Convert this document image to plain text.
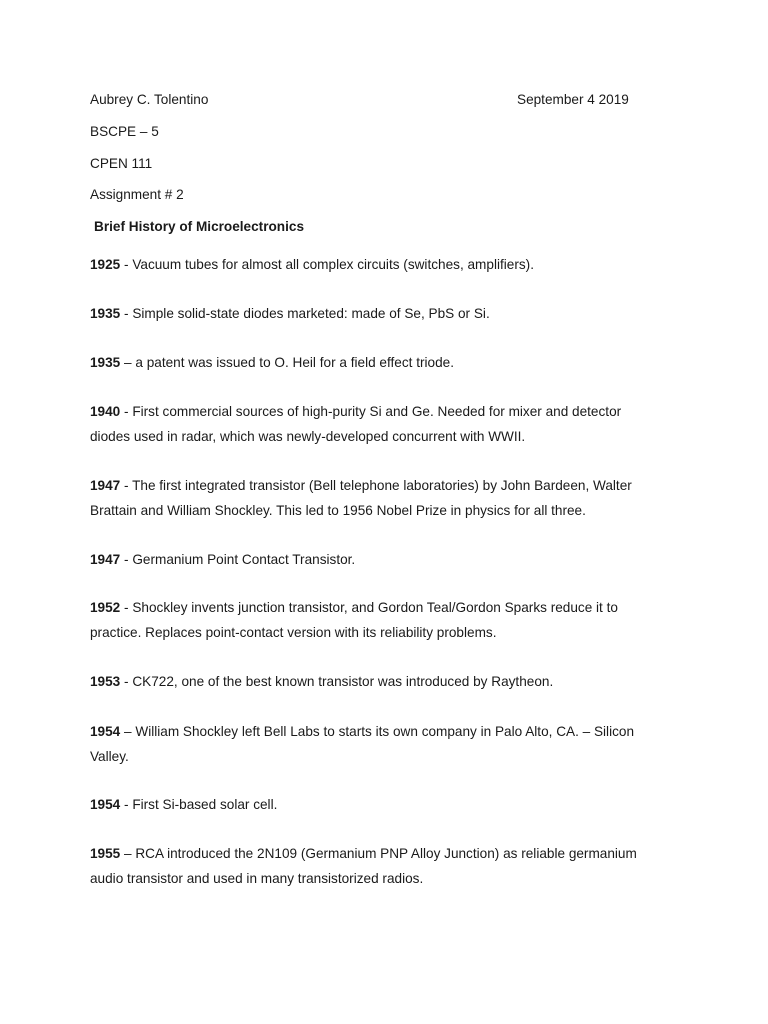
Aubrey C. Tolentino	September 4 2019
BSCPE – 5
CPEN 111
Assignment # 2
Brief History of Microelectronics
1925 - Vacuum tubes for almost all complex circuits (switches, amplifiers).
1935 - Simple solid-state diodes marketed: made of Se, PbS or Si.
1935 – a patent was issued to O. Heil for a field effect triode.
1940 - First commercial sources of high-purity Si and Ge. Needed for mixer and detector
diodes used in radar, which was newly-developed concurrent with WWII.
1947 - The first integrated transistor (Bell telephone laboratories) by John Bardeen, Walter
Brattain and William Shockley. This led to 1956 Nobel Prize in physics for all three.
1947 - Germanium Point Contact Transistor.
1952 - Shockley invents junction transistor, and Gordon Teal/Gordon Sparks reduce it to
practice. Replaces point-contact version with its reliability problems.
1953 - CK722, one of the best known transistor was introduced by Raytheon.
1954 – William Shockley left Bell Labs to starts its own company in Palo Alto, CA. – Silicon
Valley.
1954 - First Si-based solar cell.
1955 – RCA introduced the 2N109 (Germanium PNP Alloy Junction) as reliable germanium
audio transistor and used in many transistorized radios.
